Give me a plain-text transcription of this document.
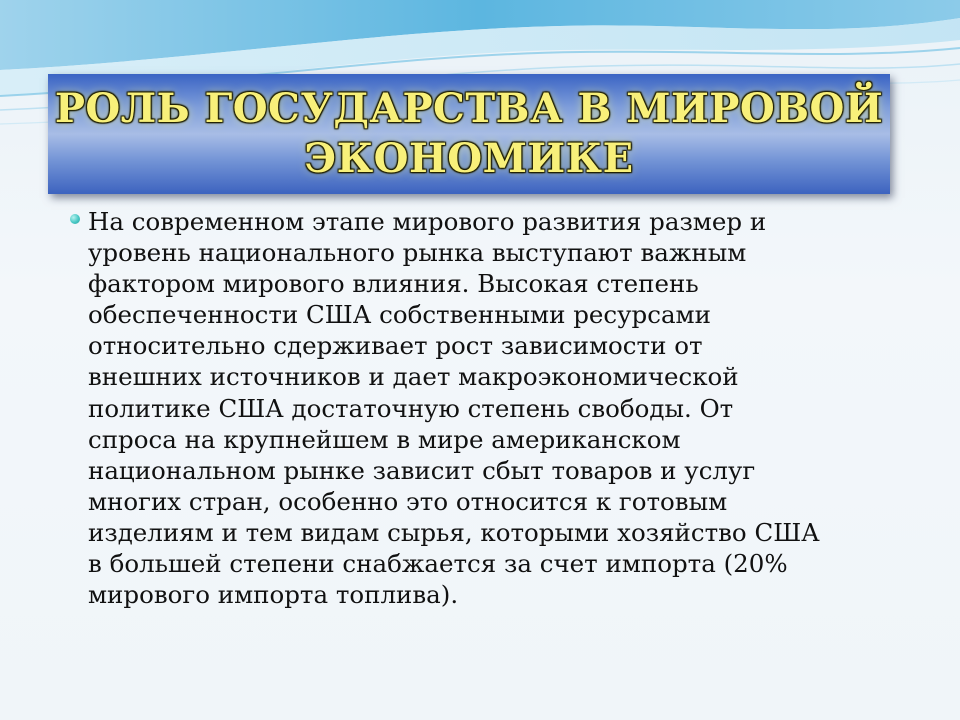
РОЛЬ ГОСУДАРСТВА В МИРОВОЙ
ЭКОНОМИКЕ

На современном этапе мирового развития размер и
уровень национального рынка выступают важным
фактором мирового влияния. Высокая степень
обеспеченности США собственными ресурсами
относительно сдерживает рост зависимости от
внешних источников и дает макроэкономической
политике США достаточную степень свободы. От
спроса на крупнейшем в мире американском
национальном рынке зависит сбыт товаров и услуг
многих стран, особенно это относится к готовым
изделиям и тем видам сырья, которыми хозяйство США
в большей степени снабжается за счет импорта (20%
мирового импорта топлива).
